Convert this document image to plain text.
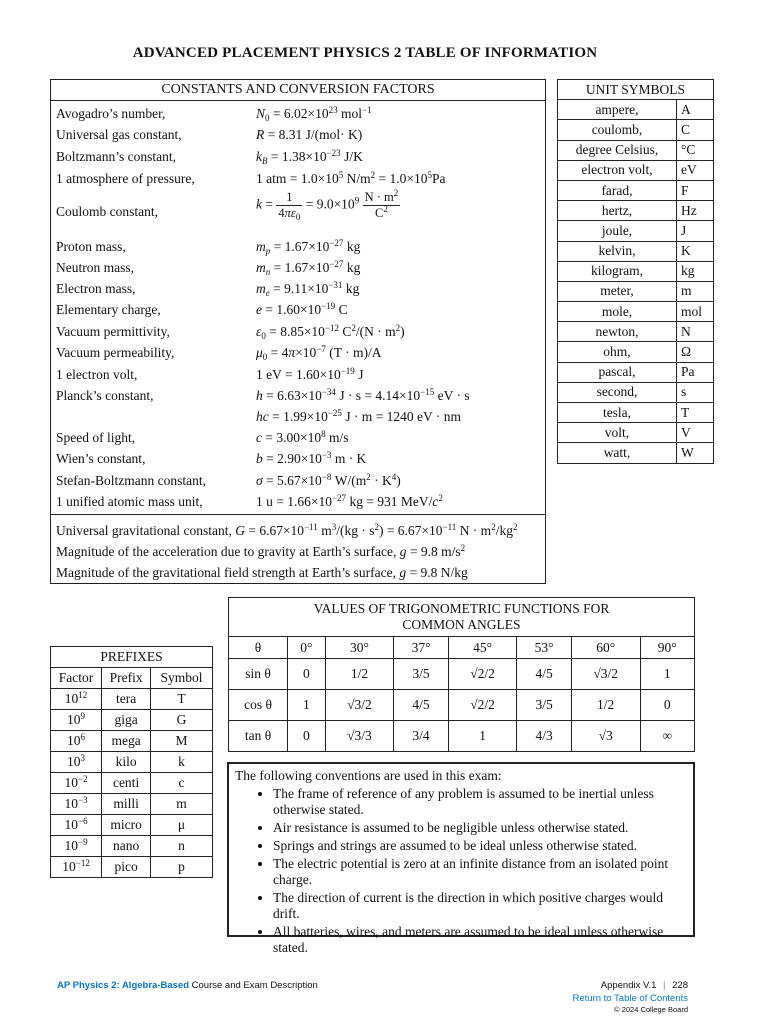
ADVANCED PLACEMENT PHYSICS 2 TABLE OF INFORMATION
CONSTANTS AND CONVERSION FACTORS
Avogadro’s number,	$N_0 = 6.02\times 10^{23}$ mol$^{-1}$
Universal gas constant,	R = 8.31 J/(mol· K)
Boltzmann’s constant,	$k_B = 1.38\times 10^{-23}$ J/K
1 atmosphere of pressure,	1 atm = $1.0\times 10^5$ $N/m^2 = 1.0\times 10^5Pa$
Coulomb constant,	$k = \frac{1}{4\pi\varepsilon_0} = 9.0\times 10^9 \frac{N \cdot m^2}{C^2}$
Proton mass,	$m_p = 1.67\times 10^{-27}$ kg
Neutron mass,	$m_n = 1.67\times 10^{-27}$ kg
Electron mass,	$m_e = 9.11\times 10^{-31}$ kg
Elementary charge,	$e = 1.60\times 10^{-19}$ C
Vacuum permittivity,	$\varepsilon_0 = 8.85\times 10^{-12}$ $C^2/(N \cdot m^2)$
Vacuum permeability,	$\mu_0 = 4\pi\times 10^{-7}$ (T · m)/A
1 electron volt,	1 eV = $1.60\times 10^{-19}$ J
Planck’s constant,	$h = 6.63\times 10^{-34}$ $J \cdot s = 4.14\times 10^{-15}$ eV · s
hc = $1.99\times 10^{-25}$ J · m = 1240 eV · nm
Speed of light,	$c = 3.00\times 10^8$ m/s
Wien’s constant,	$b = 2.90\times 10^{-3}$ m · K
Stefan-Boltzmann constant,	$\sigma = 5.67\times 10^{-8}$ $W/(m^2 \cdot K^4)$
1 unified atomic mass unit,	1 $u = 1.66\times 10^{-27}$ kg = 931 MeV/$c^2$
Universal gravitational constant, $G = 6.67\times 10^{-11}$ $m^3/(kg \cdot s^2) = 6.67\times 10^{-11}$ $N \cdot m^2/kg^2$
Magnitude of the acceleration due to gravity at Earth’s surface, g = 9.8 $m/s^2$
Magnitude of the gravitational field strength at Earth’s surface, g = 9.8 N/kg
UNIT SYMBOLS	
ampere,	A
coulomb,	C
degree Celsius,	°C
electron volt,	eV
farad,	F
hertz,	Hz
joule,	J
kelvin,	K
kilogram,	kg
meter,	m
mole,	mol
newton,	N
ohm,	Ω
pascal,	Pa
second,	s
tesla,	T
volt,	V
watt,	W
VALUES OF TRIGONOMETRIC FUNCTIONS FOR
COMMON ANGLES							
θ	0°	30°	37°	45°	53°	60°	90°
sin θ	0	1/2	3/5	√2/2	4/5	√3/2	1
cos θ	1	√3/2	4/5	√2/2	3/5	1/2	0
tan θ	0	√3/3	3/4	1	4/3	√3	∞
PREFIXES		
Factor	Prefix	Symbol
$10^{12}$	tera	T
$10^9$	giga	G
$10^6$	mega	M
$10^3$	kilo	k
$10^{-2}$	centi	c
$10^{-3}$	milli	m
$10^{-6}$	micro	μ
$10^{-9}$	nano	n
$10^{-12}$	pico	p
The following conventions are used in this exam:
• The frame of reference of any problem is assumed to be inertial unless otherwise stated.
• Air resistance is assumed to be negligible unless otherwise stated.
• Springs and strings are assumed to be ideal unless otherwise stated.
• The electric potential is zero at an infinite distance from an isolated point charge.
• The direction of current is the direction in which positive charges would drift.
• All batteries, wires, and meters are assumed to be ideal unless otherwise stated.
AP Physics 2: Algebra-Based Course and Exam Description	Appendix V.1 | 228
Return to Table of Contents
© 2024 College Board
